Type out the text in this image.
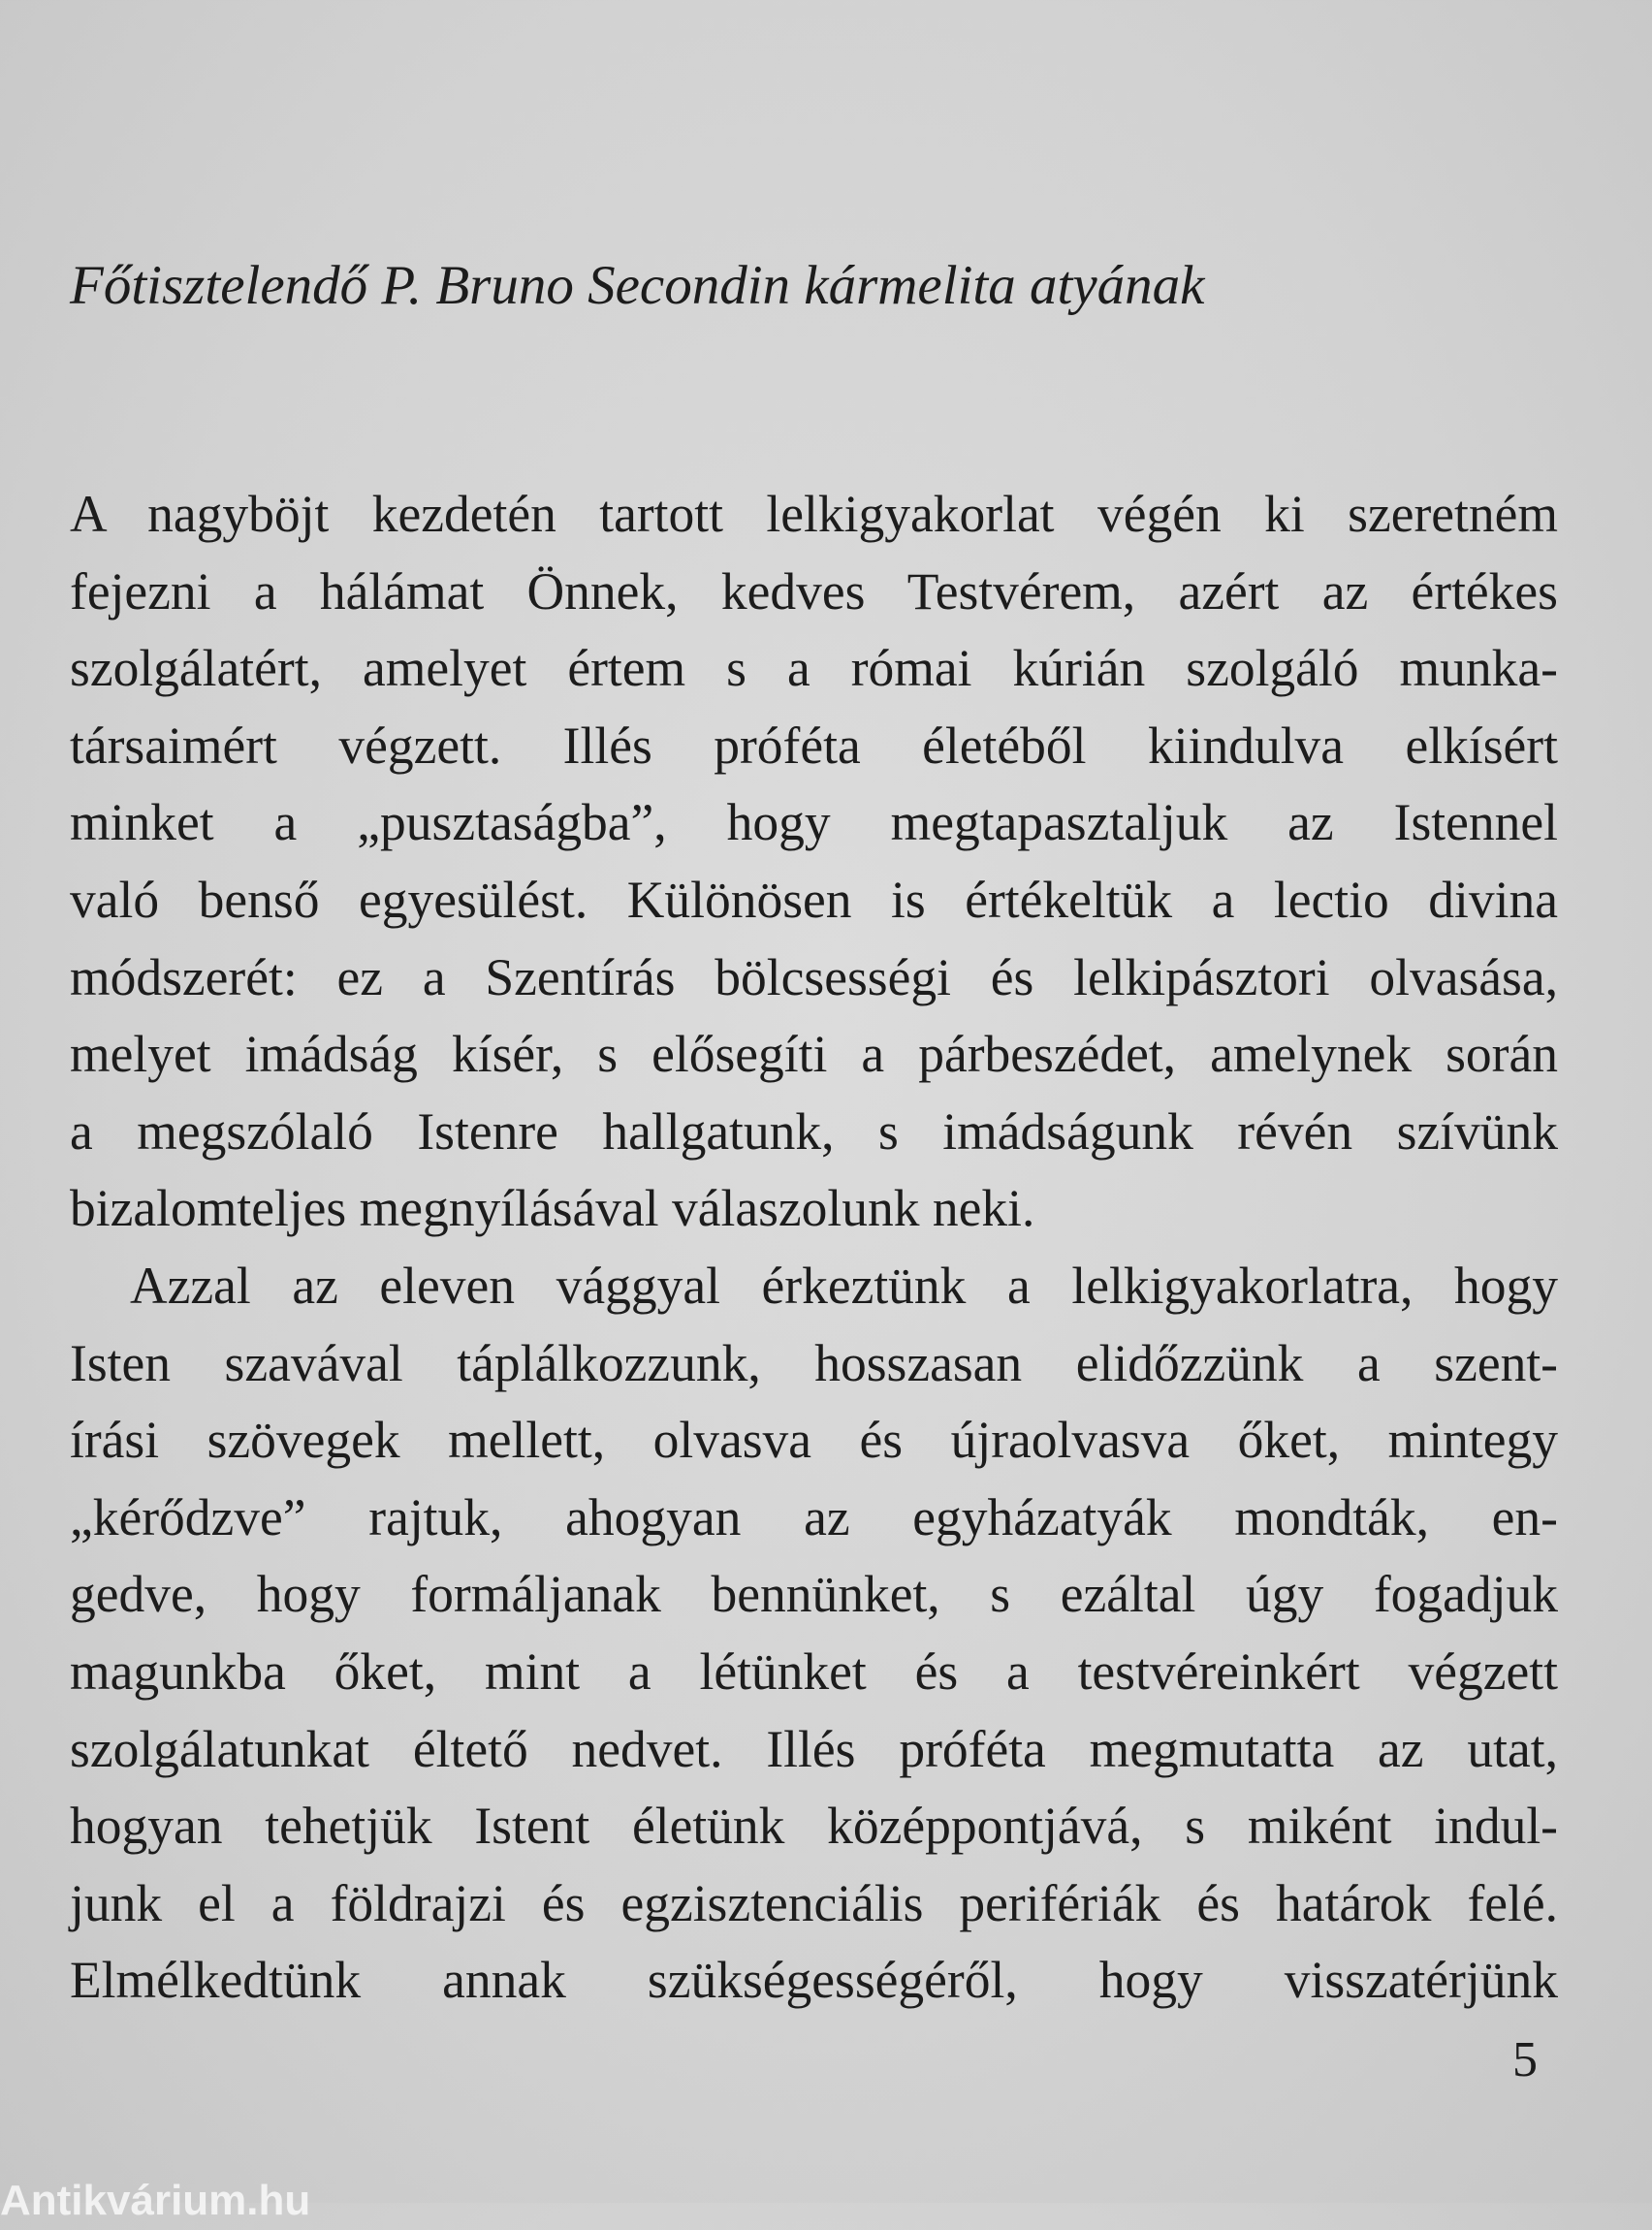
Főtisztelendő P. Bruno Secondin kármelita atyának
A nagyböjt kezdetén tartott lelkigyakorlat végén ki szeretném
fejezni a hálámat Önnek, kedves Testvérem, azért az értékes
szolgálatért, amelyet értem s a római kúrián szolgáló munka-
társaimért végzett. Illés próféta életéből kiindulva elkísért
minket a „pusztaságba”, hogy megtapasztaljuk az Istennel
való benső egyesülést. Különösen is értékeltük a lectio divina
módszerét: ez a Szentírás bölcsességi és lelkipásztori olvasása,
melyet imádság kísér, s elősegíti a párbeszédet, amelynek során
a megszólaló Istenre hallgatunk, s imádságunk révén szívünk
bizalomteljes megnyílásával válaszolunk neki.
Azzal az eleven vággyal érkeztünk a lelkigyakorlatra, hogy
Isten szavával táplálkozzunk, hosszasan elidőzzünk a szent-
írási szövegek mellett, olvasva és újraolvasva őket, mintegy
„kérődzve” rajtuk, ahogyan az egyházatyák mondták, en-
gedve, hogy formáljanak bennünket, s ezáltal úgy fogadjuk
magunkba őket, mint a létünket és a testvéreinkért végzett
szolgálatunkat éltető nedvet. Illés próféta megmutatta az utat,
hogyan tehetjük Istent életünk középpontjává, s miként indul-
junk el a földrajzi és egzisztenciális perifériák és határok felé.
Elmélkedtünk annak szükségességéről, hogy visszatérjünk
5
Antikvárium.hu
